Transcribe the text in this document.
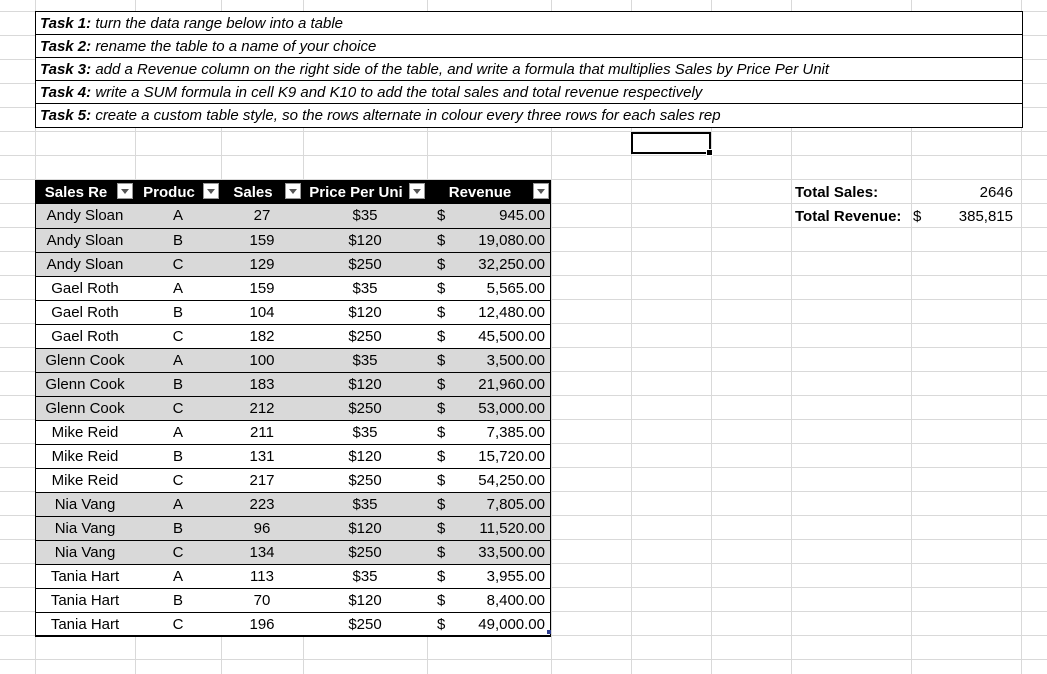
Task 1: turn the data range below into a table
Task 2: rename the table to a name of your choice
Task 3: add a Revenue column on the right side of the table, and write a formula that multiplies Sales by Price Per Unit
Task 4: write a SUM formula in cell K9 and K10 to add the total sales and total revenue respectively
Task 5: create a custom table style, so the rows alternate in colour every three rows for each sales rep
Sales Re	Produc	Sales	Price Per Uni	Revenue

Andy Sloan	A	27	$35	$ 945.00

Andy Sloan	B	159	$120	$ 19,080.00

Andy Sloan	C	129	$250	$ 32,250.00

Gael Roth	A	159	$35	$ 5,565.00

Gael Roth	B	104	$120	$ 12,480.00

Gael Roth	C	182	$250	$ 45,500.00

Glenn Cook	A	100	$35	$ 3,500.00

Glenn Cook	B	183	$120	$ 21,960.00

Glenn Cook	C	212	$250	$ 53,000.00

Mike Reid	A	211	$35	$ 7,385.00

Mike Reid	B	131	$120	$ 15,720.00

Mike Reid	C	217	$250	$ 54,250.00

Nia Vang	A	223	$35	$ 7,805.00

Nia Vang	B	96	$120	$ 11,520.00

Nia Vang	C	134	$250	$ 33,500.00

Tania Hart	A	113	$35	$ 3,955.00

Tania Hart	B	70	$120	$ 8,400.00

Tania Hart	C	196	$250	$ 49,000.00
Total Sales:	2646
Total Revenue: $ 385,815
